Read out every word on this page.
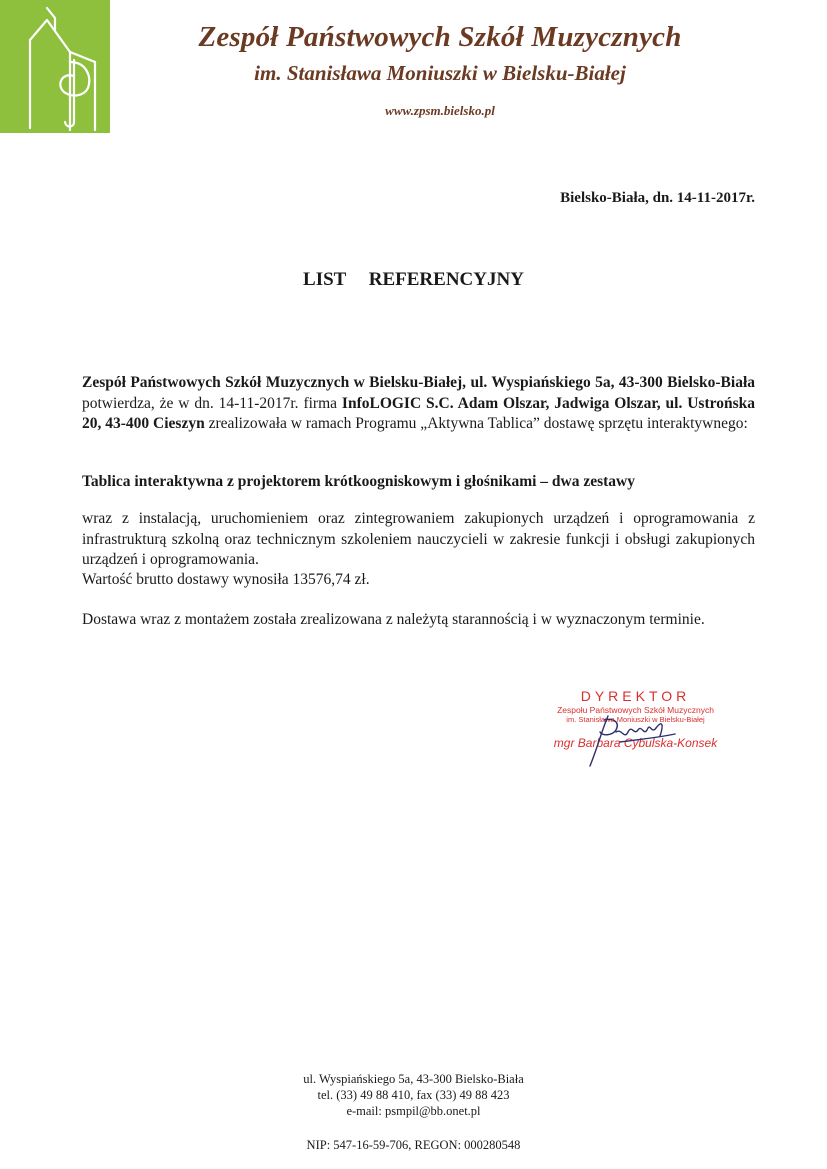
Zespół Państwowych Szkół Muzycznych
im. Stanisława Moniuszki w Bielsku-Białej
www.zpsm.bielsko.pl
Bielsko-Biała, dn. 14-11-2017r.
LIST REFERENCYJNY
Zespół Państwowych Szkół Muzycznych w Bielsku-Białej, ul. Wyspiańskiego 5a, 43-300 Bielsko-Biała potwierdza, że w dn. 14-11-2017r. firma InfoLOGIC S.C. Adam Olszar, Jadwiga Olszar, ul. Ustrońska 20, 43-400 Cieszyn zrealizowała w ramach Programu „Aktywna Tablica” dostawę sprzętu interaktywnego:
Tablica interaktywna z projektorem krótkoogniskowym i głośnikami – dwa zestawy
wraz z instalacją, uruchomieniem oraz zintegrowaniem zakupionych urządzeń i oprogramowania z infrastrukturą szkolną oraz technicznym szkoleniem nauczycieli w zakresie funkcji i obsługi zakupionych urządzeń i oprogramowania.
Wartość brutto dostawy wynosiła 13576,74 zł.
Dostawa wraz z montażem została zrealizowana z należytą starannością i w wyznaczonym terminie.
DYREKTOR
Zespołu Państwowych Szkół Muzycznych
im. Stanisława Moniuszki w Bielsku-Białej
mgr Barbara Cybulska-Konsek
ul. Wyspiańskiego 5a, 43-300 Bielsko-Biała
tel. (33) 49 88 410, fax (33) 49 88 423
e-mail: psmpil@bb.onet.pl
NIP: 547-16-59-706, REGON: 000280548
